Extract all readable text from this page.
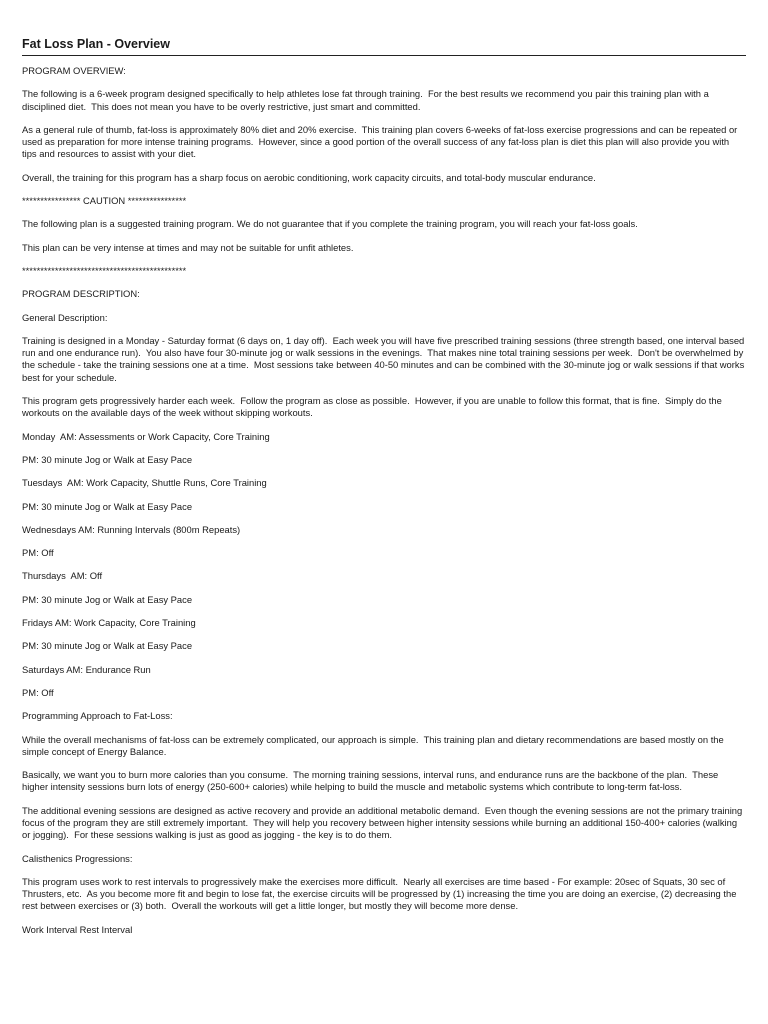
Fat Loss Plan - Overview

PROGRAM OVERVIEW:

The following is a 6-week program designed specifically to help athletes lose fat through training.  For the best results we recommend you pair this training plan with a disciplined diet.  This does not mean you have to be overly restrictive, just smart and committed.

As a general rule of thumb, fat-loss is approximately 80% diet and 20% exercise.  This training plan covers 6-weeks of fat-loss exercise progressions and can be repeated or used as preparation for more intense training programs.  However, since a good portion of the overall success of any fat-loss plan is diet this plan will also provide you with tips and resources to assist with your diet.

Overall, the training for this program has a sharp focus on aerobic conditioning, work capacity circuits, and total-body muscular endurance.

**************** CAUTION ****************

The following plan is a suggested training program. We do not guarantee that if you complete the training program, you will reach your fat-loss goals.

This plan can be very intense at times and may not be suitable for unfit athletes.

*********************************************

PROGRAM DESCRIPTION:

General Description:

Training is designed in a Monday - Saturday format (6 days on, 1 day off).  Each week you will have five prescribed training sessions (three strength based, one interval based run and one endurance run).  You also have four 30-minute jog or walk sessions in the evenings.  That makes nine total training sessions per week.  Don't be overwhelmed by the schedule - take the training sessions one at a time.  Most sessions take between 40-50 minutes and can be combined with the 30-minute jog or walk sessions if that works best for your schedule.

This program gets progressively harder each week.  Follow the program as close as possible.  However, if you are unable to follow this format, that is fine.  Simply do the workouts on the available days of the week without skipping workouts.

Monday  AM: Assessments or Work Capacity, Core Training

PM: 30 minute Jog or Walk at Easy Pace

Tuesdays  AM: Work Capacity, Shuttle Runs, Core Training

PM: 30 minute Jog or Walk at Easy Pace

Wednesdays AM: Running Intervals (800m Repeats)

PM: Off

Thursdays  AM: Off

PM: 30 minute Jog or Walk at Easy Pace

Fridays AM: Work Capacity, Core Training

PM: 30 minute Jog or Walk at Easy Pace

Saturdays AM: Endurance Run

PM: Off

Programming Approach to Fat-Loss:

While the overall mechanisms of fat-loss can be extremely complicated, our approach is simple.  This training plan and dietary recommendations are based mostly on the simple concept of Energy Balance.

Basically, we want you to burn more calories than you consume.  The morning training sessions, interval runs, and endurance runs are the backbone of the plan.  These higher intensity sessions burn lots of energy (250-600+ calories) while helping to build the muscle and metabolic systems which contribute to long-term fat-loss.

The additional evening sessions are designed as active recovery and provide an additional metabolic demand.  Even though the evening sessions are not the primary training focus of the program they are still extremely important.  They will help you recovery between higher intensity sessions while burning an additional 150-400+ calories (walking or jogging).  For these sessions walking is just as good as jogging - the key is to do them.

Calisthenics Progressions:

This program uses work to rest intervals to progressively make the exercises more difficult.  Nearly all exercises are time based - For example: 20sec of Squats, 30 sec of Thrusters, etc.  As you become more fit and begin to lose fat, the exercise circuits will be progressed by (1) increasing the time you are doing an exercise, (2) decreasing the rest between exercises or (3) both.  Overall the workouts will get a little longer, but mostly they will become more dense.

Work Interval Rest Interval
